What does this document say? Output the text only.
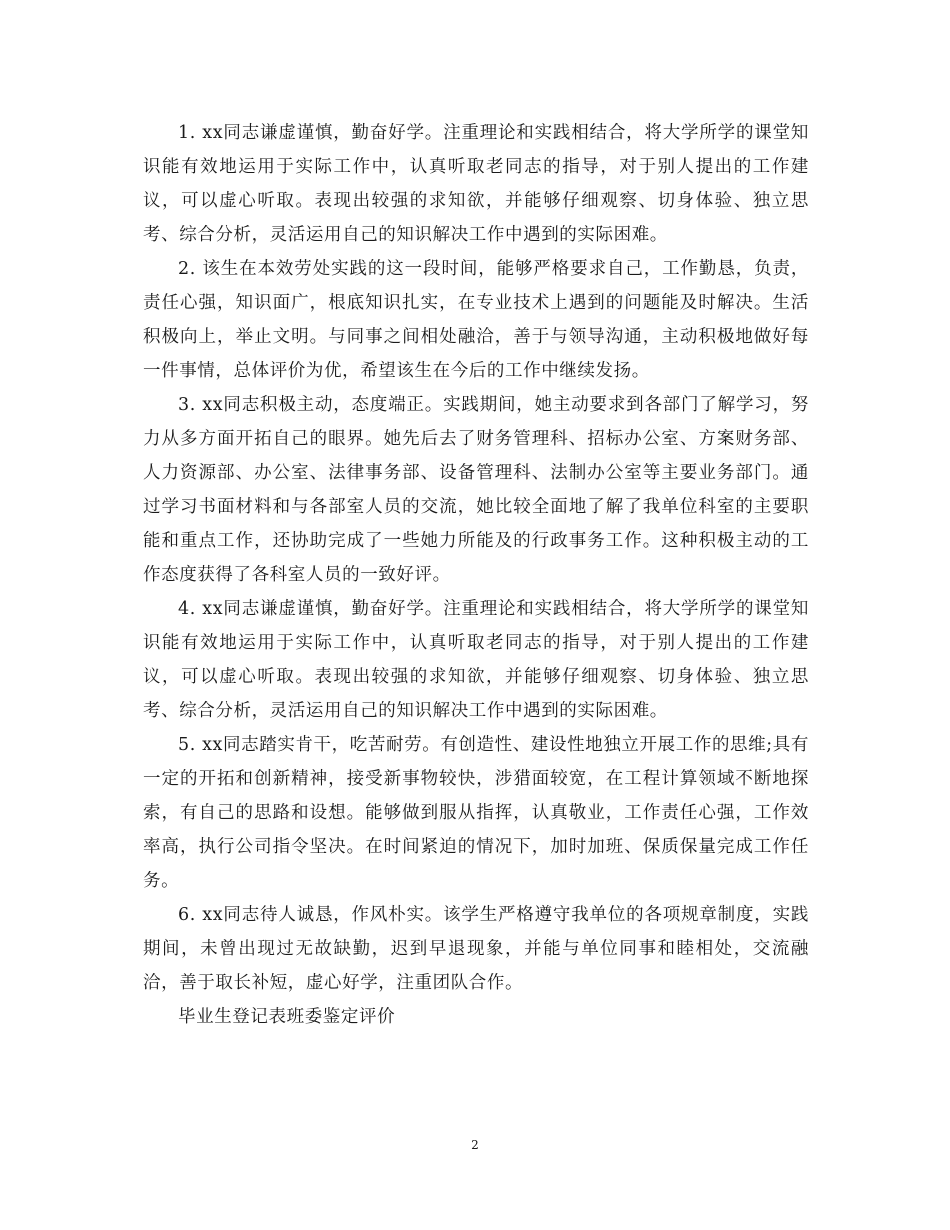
1. xx同志谦虚谨慎，勤奋好学。注重理论和实践相结合，将大学所学的课堂知识能有效地运用于实际工作中，认真听取老同志的指导，对于别人提出的工作建议，可以虚心听取。表现出较强的求知欲，并能够仔细观察、切身体验、独立思考、综合分析，灵活运用自己的知识解决工作中遇到的实际困难。

2. 该生在本效劳处实践的这一段时间，能够严格要求自己，工作勤恳，负责，责任心强，知识面广，根底知识扎实，在专业技术上遇到的问题能及时解决。生活积极向上，举止文明。与同事之间相处融洽，善于与领导沟通，主动积极地做好每一件事情，总体评价为优，希望该生在今后的工作中继续发扬。

3. xx同志积极主动，态度端正。实践期间，她主动要求到各部门了解学习，努力从多方面开拓自己的眼界。她先后去了财务管理科、招标办公室、方案财务部、人力资源部、办公室、法律事务部、设备管理科、法制办公室等主要业务部门。通过学习书面材料和与各部室人员的交流，她比较全面地了解了我单位科室的主要职能和重点工作，还协助完成了一些她力所能及的行政事务工作。这种积极主动的工作态度获得了各科室人员的一致好评。

4. xx同志谦虚谨慎，勤奋好学。注重理论和实践相结合，将大学所学的课堂知识能有效地运用于实际工作中，认真听取老同志的指导，对于别人提出的工作建议，可以虚心听取。表现出较强的求知欲，并能够仔细观察、切身体验、独立思考、综合分析，灵活运用自己的知识解决工作中遇到的实际困难。

5. xx同志踏实肯干，吃苦耐劳。有创造性、建设性地独立开展工作的思维;具有一定的开拓和创新精神，接受新事物较快，涉猎面较宽，在工程计算领域不断地探索，有自己的思路和设想。能够做到服从指挥，认真敬业，工作责任心强，工作效率高，执行公司指令坚决。在时间紧迫的情况下，加时加班、保质保量完成工作任务。

6. xx同志待人诚恳，作风朴实。该学生严格遵守我单位的各项规章制度，实践期间，未曾出现过无故缺勤，迟到早退现象，并能与单位同事和睦相处，交流融洽，善于取长补短，虚心好学，注重团队合作。

毕业生登记表班委鉴定评价

2
